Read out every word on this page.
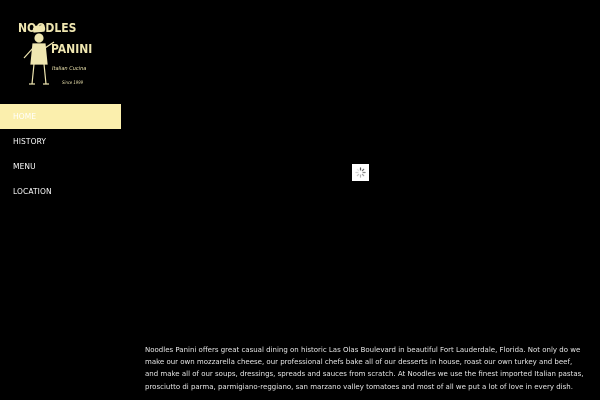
NOODLES
PANINI
Italian Cucina
Since 1999
HOME
HISTORY
MENU
LOCATION

Noodles Panini offers great casual dining on historic Las Olas Boulevard in beautiful Fort Lauderdale, Florida. Not only do we make our own mozzarella cheese, our professional chefs bake all of our desserts in house, roast our own turkey and beef, and make all of our soups, dressings, spreads and sauces from scratch. At Noodles we use the finest imported Italian pastas, prosciutto di parma, parmigiano-reggiano, san marzano valley tomatoes and most of all we put a lot of love in every dish.
